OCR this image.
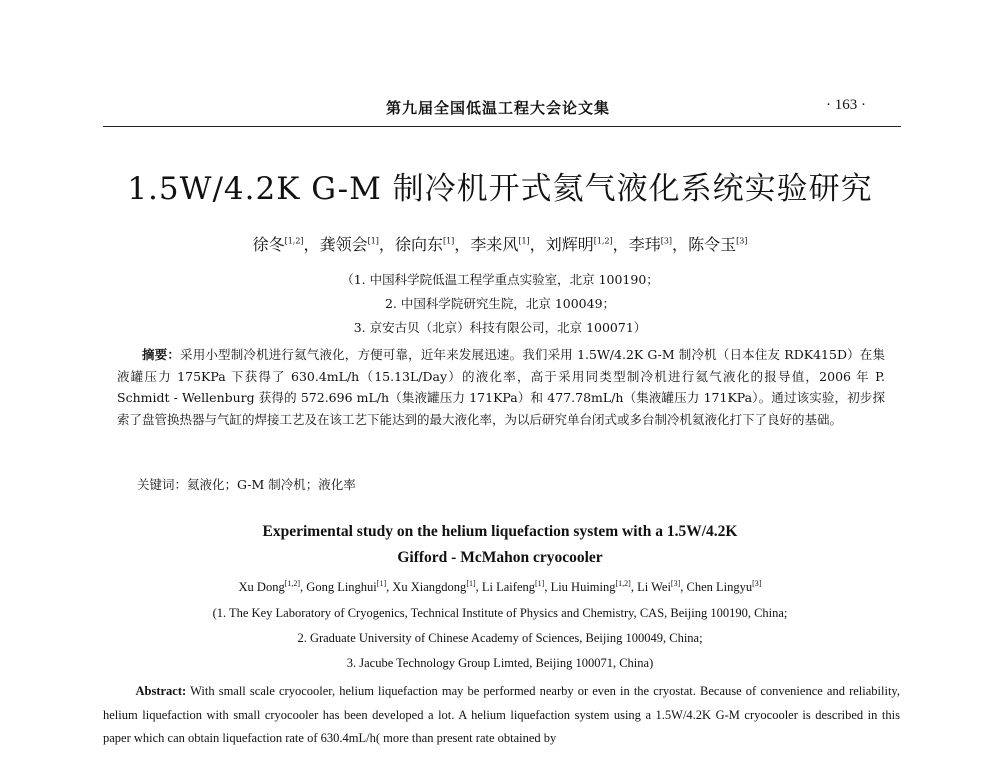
第九届全国低温工程大会论文集	· 163 ·
1.5W/4.2K G-M 制冷机开式氦气液化系统实验研究
徐冬[1,2]，龚领会[1]，徐向东[1]，李来风[1]，刘辉明[1,2]，李玮[3]，陈令玉[3]
（1. 中国科学院低温工程学重点实验室，北京 100190；
2. 中国科学院研究生院，北京 100049；
3. 京安古贝（北京）科技有限公司，北京 100071）
摘要：采用小型制冷机进行氦气液化，方便可靠，近年来发展迅速。我们采用 1.5W/4.2K G-M 制冷机（日本住友 RDK415D）在集液罐压力 175KPa 下获得了 630.4mL/h（15.13L/Day）的液化率，高于采用同类型制冷机进行氦气液化的报导值，2006 年 P. Schmidt - Wellenburg 获得的 572.696 mL/h（集液罐压力 171KPa）和 477.78mL/h（集液罐压力 171KPa）。通过该实验，初步探索了盘管换热器与气缸的焊接工艺及在该工艺下能达到的最大液化率，为以后研究单台闭式或多台制冷机氦液化打下了良好的基础。
关键词：氦液化；G-M 制冷机；液化率
Experimental study on the helium liquefaction system with a 1.5W/4.2K
Gifford - McMahon cryocooler
Xu Dong[1,2], Gong Linghui[1], Xu Xiangdong[1], Li Laifeng[1], Liu Huiming[1,2], Li Wei[3], Chen Lingyu[3]
(1. The Key Laboratory of Cryogenics, Technical Institute of Physics and Chemistry, CAS, Beijing 100190, China;
2. Graduate University of Chinese Academy of Sciences, Beijing 100049, China;
3. Jacube Technology Group Limted, Beijing 100071, China)
Abstract: With small scale cryocooler, helium liquefaction may be performed nearby or even in the cryostat. Because of convenience and reliability, helium liquefaction with small cryocooler has been developed a lot. A helium liquefaction system using a 1.5W/4.2K G-M cryocooler is described in this paper which can obtain liquefaction rate of 630.4mL/h( more than present rate obtained by
